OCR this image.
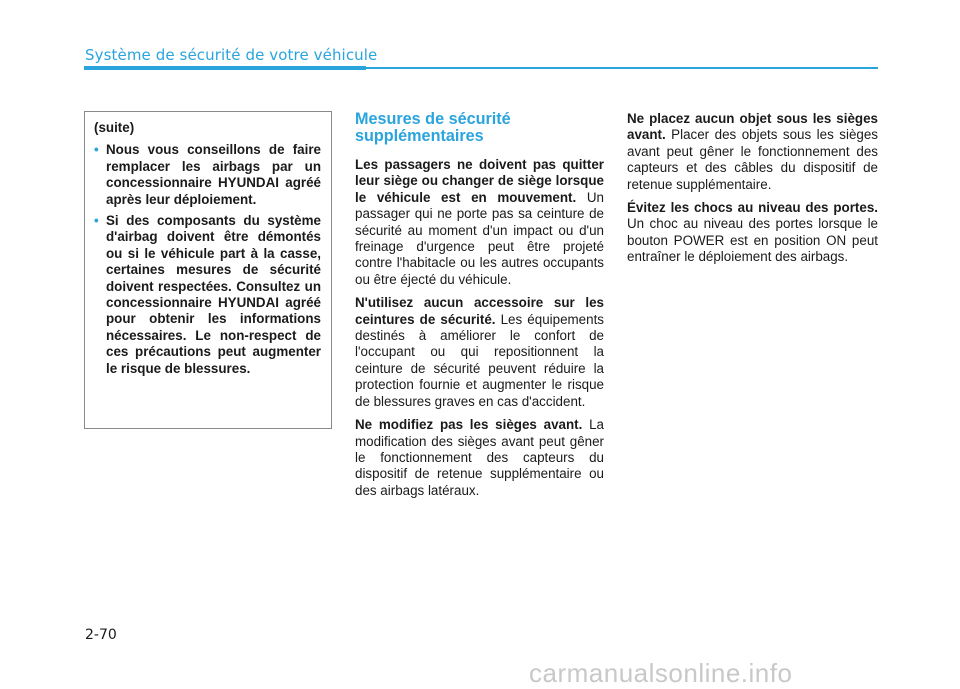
Système de sécurité de votre véhicule

(suite)

• Nous vous conseillons de faire remplacer les airbags par un concessionnaire HYUNDAI agréé après leur déploiement.
• Si des composants du système d'airbag doivent être démontés ou si le véhicule part à la casse, certaines mesures de sécurité doivent respectées. Consultez un concessionnaire HYUNDAI agréé pour obtenir les informations nécessaires. Le non-respect de ces précautions peut augmenter le risque de blessures.
Mesures de sécurité supplémentaires

Les passagers ne doivent pas quitter leur siège ou changer de siège lorsque le véhicule est en mouvement. Un passager qui ne porte pas sa ceinture de sécurité au moment d'un impact ou d'un freinage d'urgence peut être projeté contre l'habitacle ou les autres occupants ou être éjecté du véhicule.

N'utilisez aucun accessoire sur les ceintures de sécurité. Les équipements destinés à améliorer le confort de l'occupant ou qui repositionnent la ceinture de sécurité peuvent réduire la protection fournie et augmenter le risque de blessures graves en cas d'accident.

Ne modifiez pas les sièges avant. La modification des sièges avant peut gêner le fonctionnement des capteurs du dispositif de retenue supplémentaire ou des airbags latéraux.

Ne placez aucun objet sous les sièges avant. Placer des objets sous les sièges avant peut gêner le fonctionnement des capteurs et des câbles du dispositif de retenue supplémentaire.

Évitez les chocs au niveau des portes. Un choc au niveau des portes lorsque le bouton POWER est en position ON peut entraîner le déploiement des airbags.

2-70
carmanualsonline.info
